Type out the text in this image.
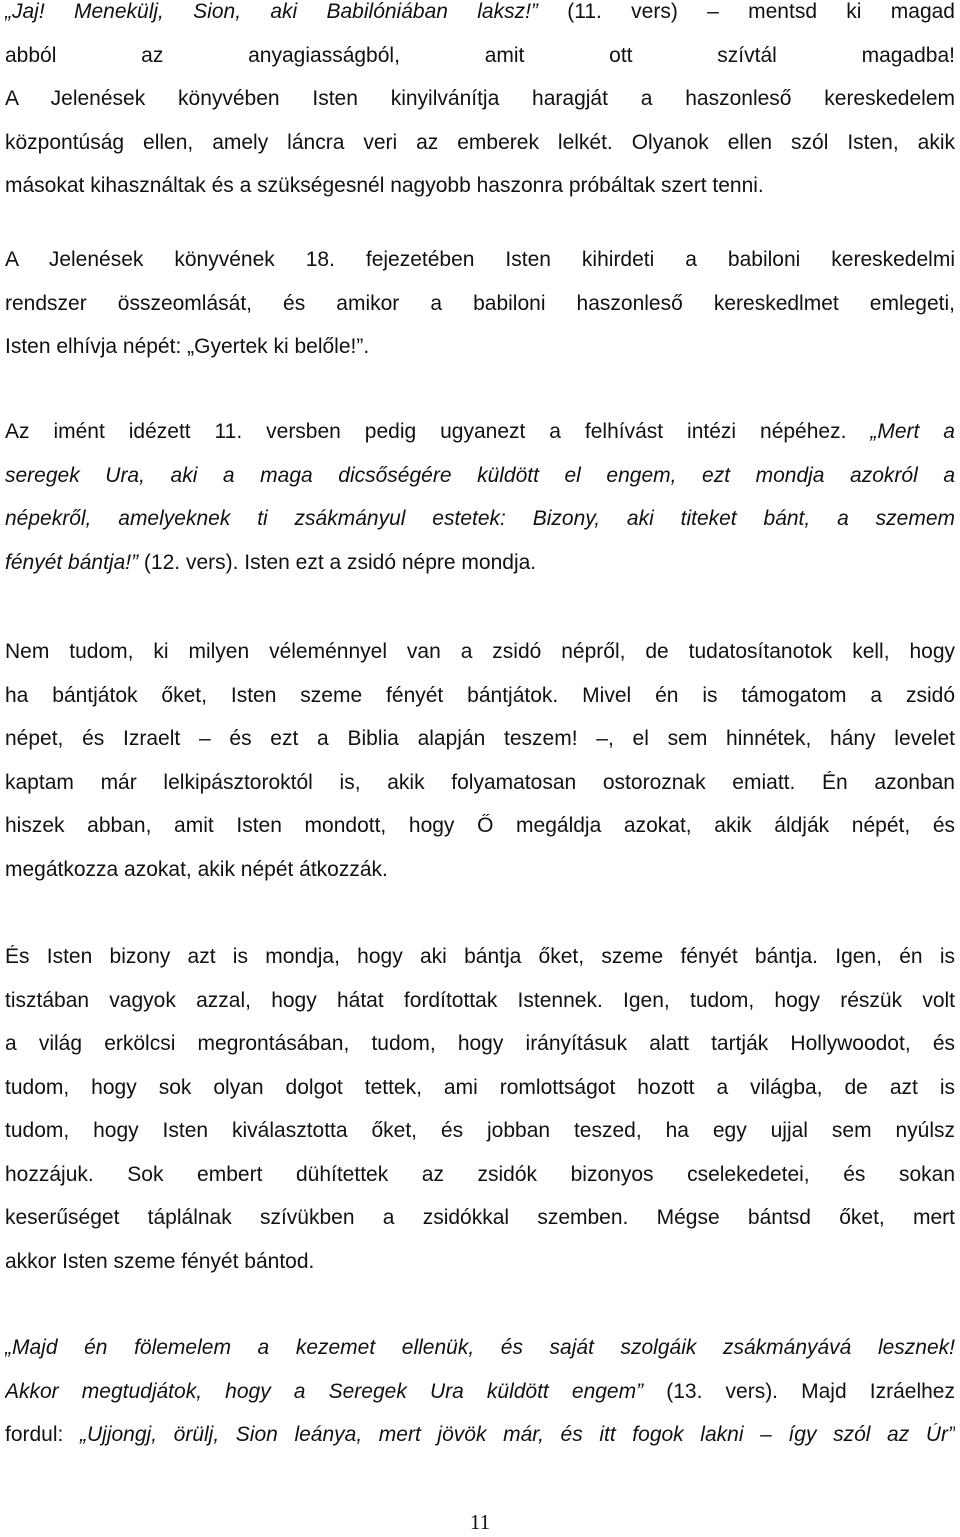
„Jaj! Menekülj, Sion, aki Babilóniában laksz!” (11. vers) – mentsd ki magad
abból az anyagiasságból, amit ott szívtál magadba!
A Jelenések könyvében Isten kinyilvánítja haragját a haszonleső kereskedelem
központúság ellen, amely láncra veri az emberek lelkét. Olyanok ellen szól Isten, akik
másokat kihasználtak és a szükségesnél nagyobb haszonra próbáltak szert tenni.
A Jelenések könyvének 18. fejezetében Isten kihirdeti a babiloni kereskedelmi
rendszer összeomlását, és amikor a babiloni haszonleső kereskedlmet emlegeti,
Isten elhívja népét: „Gyertek ki belőle!”.
Az imént idézett 11. versben pedig ugyanezt a felhívást intézi népéhez. „Mert a
seregek Ura, aki a maga dicsőségére küldött el engem, ezt mondja azokról a
népekről, amelyeknek ti zsákmányul estetek: Bizony, aki titeket bánt, a szemem
fényét bántja!” (12. vers). Isten ezt a zsidó népre mondja.
Nem tudom, ki milyen véleménnyel van a zsidó népről, de tudatosítanotok kell, hogy
ha bántjátok őket, Isten szeme fényét bántjátok. Mivel én is támogatom a zsidó
népet, és Izraelt – és ezt a Biblia alapján teszem! –, el sem hinnétek, hány levelet
kaptam már lelkipásztoroktól is, akik folyamatosan ostoroznak emiatt. Én azonban
hiszek abban, amit Isten mondott, hogy Ő megáldja azokat, akik áldják népét, és
megátkozza azokat, akik népét átkozzák.
És Isten bizony azt is mondja, hogy aki bántja őket, szeme fényét bántja. Igen, én is
tisztában vagyok azzal, hogy hátat fordítottak Istennek. Igen, tudom, hogy részük volt
a világ erkölcsi megrontásában, tudom, hogy irányításuk alatt tartják Hollywoodot, és
tudom, hogy sok olyan dolgot tettek, ami romlottságot hozott a világba, de azt is
tudom, hogy Isten kiválasztotta őket, és jobban teszed, ha egy ujjal sem nyúlsz
hozzájuk. Sok embert dühítettek az zsidók bizonyos cselekedetei, és sokan
keserűséget táplálnak szívükben a zsidókkal szemben. Mégse bántsd őket, mert
akkor Isten szeme fényét bántod.
„Majd én fölemelem a kezemet ellenük, és saját szolgáik zsákmányává lesznek!
Akkor megtudjátok, hogy a Seregek Ura küldött engem” (13. vers). Majd Izráelhez
fordul: „Ujjongj, örülj, Sion leánya, mert jövök már, és itt fogok lakni – így szól az Úr”
11
